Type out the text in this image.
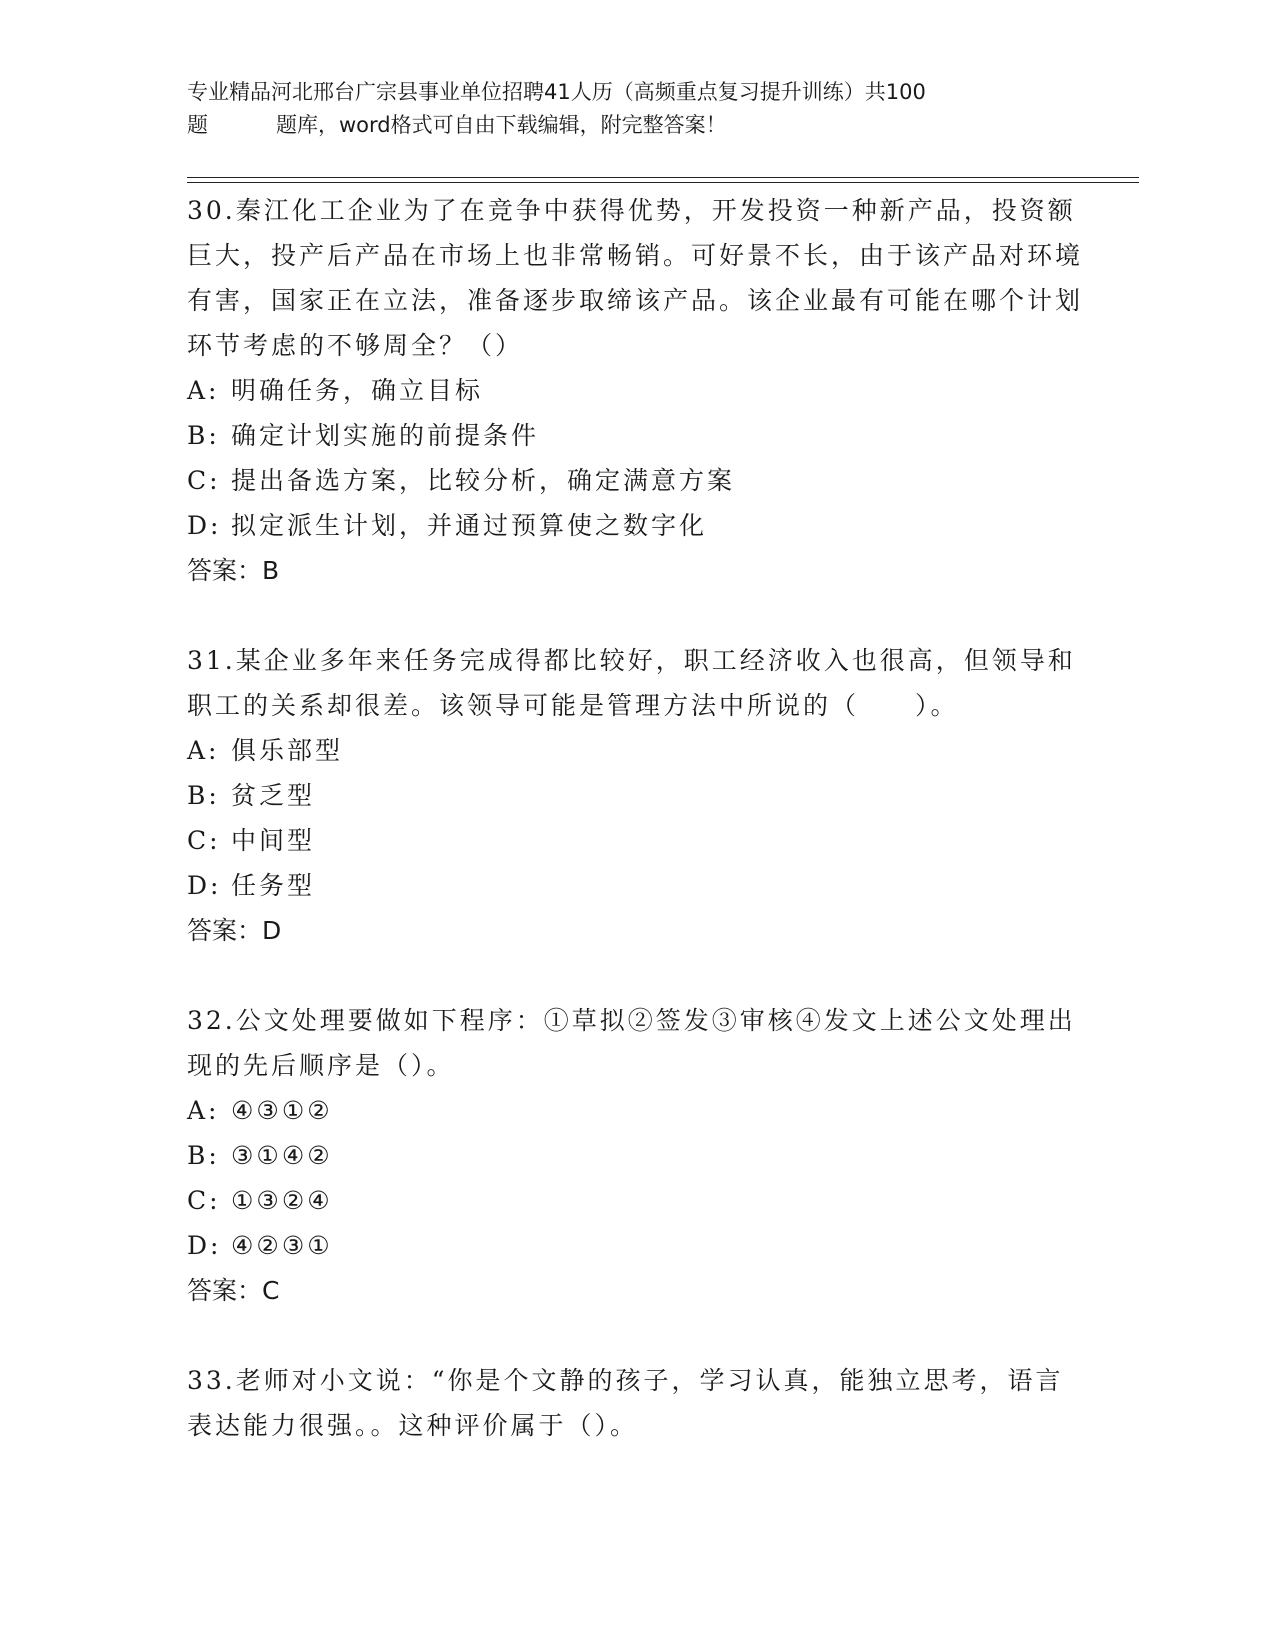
专业精品河北邢台广宗县事业单位招聘41人历（高频重点复习提升训练）共100
题	题库，word格式可自由下载编辑，附完整答案！

30.秦江化工企业为了在竞争中获得优势，开发投资一种新产品，投资额巨大，投产后产品在市场上也非常畅销。可好景不长，由于该产品对环境有害，国家正在立法，准备逐步取缔该产品。该企业最有可能在哪个计划环节考虑的不够周全？（）

A: 明确任务，确立目标
B: 确定计划实施的前提条件
C: 提出备选方案，比较分析，确定满意方案
D: 拟定派生计划，并通过预算使之数字化
答案：B

31.某企业多年来任务完成得都比较好，职工经济收入也很高，但领导和职工的关系却很差。该领导可能是管理方法中所说的（　　）。

A: 俱乐部型
B: 贫乏型
C: 中间型
D: 任务型
答案：D

32.公文处理要做如下程序：①草拟②签发③审核④发文上述公文处理出现的先后顺序是（）。

A: ④③①②
B: ③①④②
C: ①③②④
D: ④②③①
答案：C

33.老师对小文说：“你是个文静的孩子，学习认真，能独立思考，语言表达能力很强。。这种评价属于（）。
